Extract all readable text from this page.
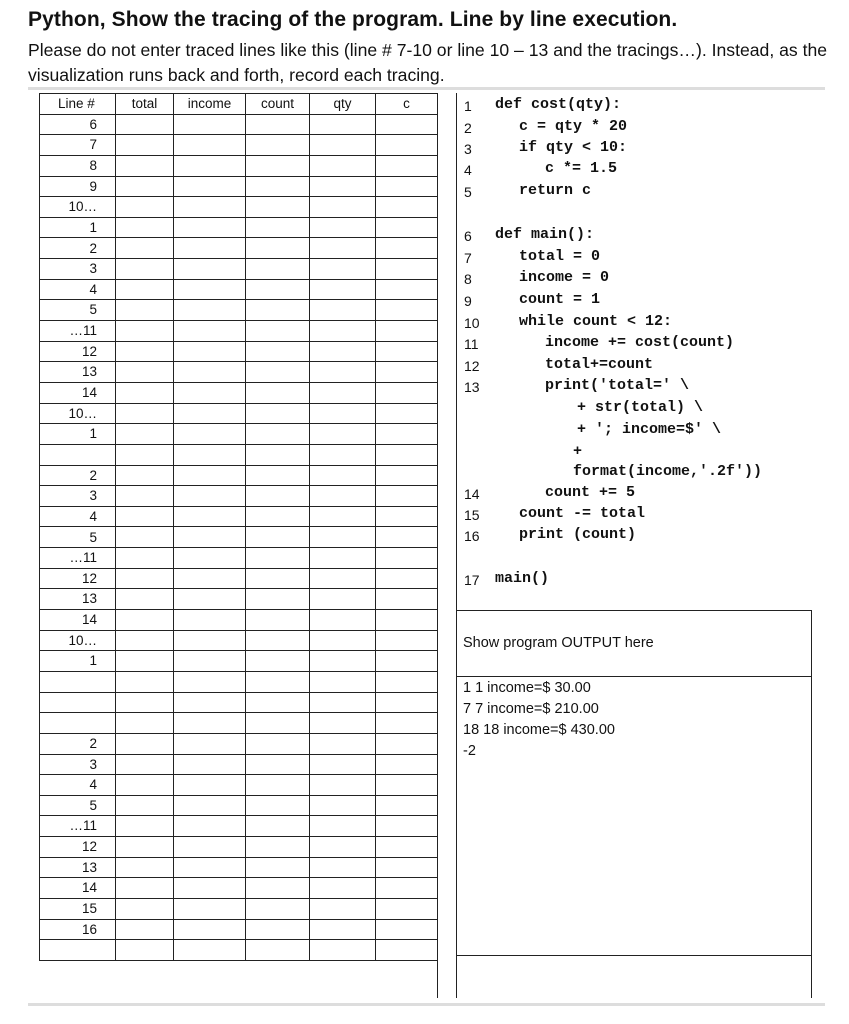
Python, Show the tracing of the program. Line by line execution.
Please do not enter traced lines like this (line # 7-10 or line 10 – 13 and the tracings…). Instead, as the visualization runs back and forth, record each tracing.
Line #	total	income	count	qty	c
6					
7					
8					
9					
10…					
1					
2					
3					
4					
5					
…11					
12					
13					
14					
10…					
1					

2					
3					
4					
5					
…11					
12					
13					
14					
10…					
1					

2					
3					
4					
5					
…11					
12					
13					
14					
15					
16					

1 def cost(qty):
2	c = qty * 20
3	if qty < 10:
4	c *= 1.5
5	return c
6 def main():
7	total = 0
8	income = 0
9	count = 1
10	while count < 12:
11	income += cost(count)
12	total+=count
13	print('total=' \
+ str(total) \
+ '; income=$' \
+
format(income,'.2f'))
14	count += 5
15	count -= total
16	print (count)
17 main()
Show program OUTPUT here
1 1 income=$ 30.00
7 7 income=$ 210.00
18 18 income=$ 430.00
-2
